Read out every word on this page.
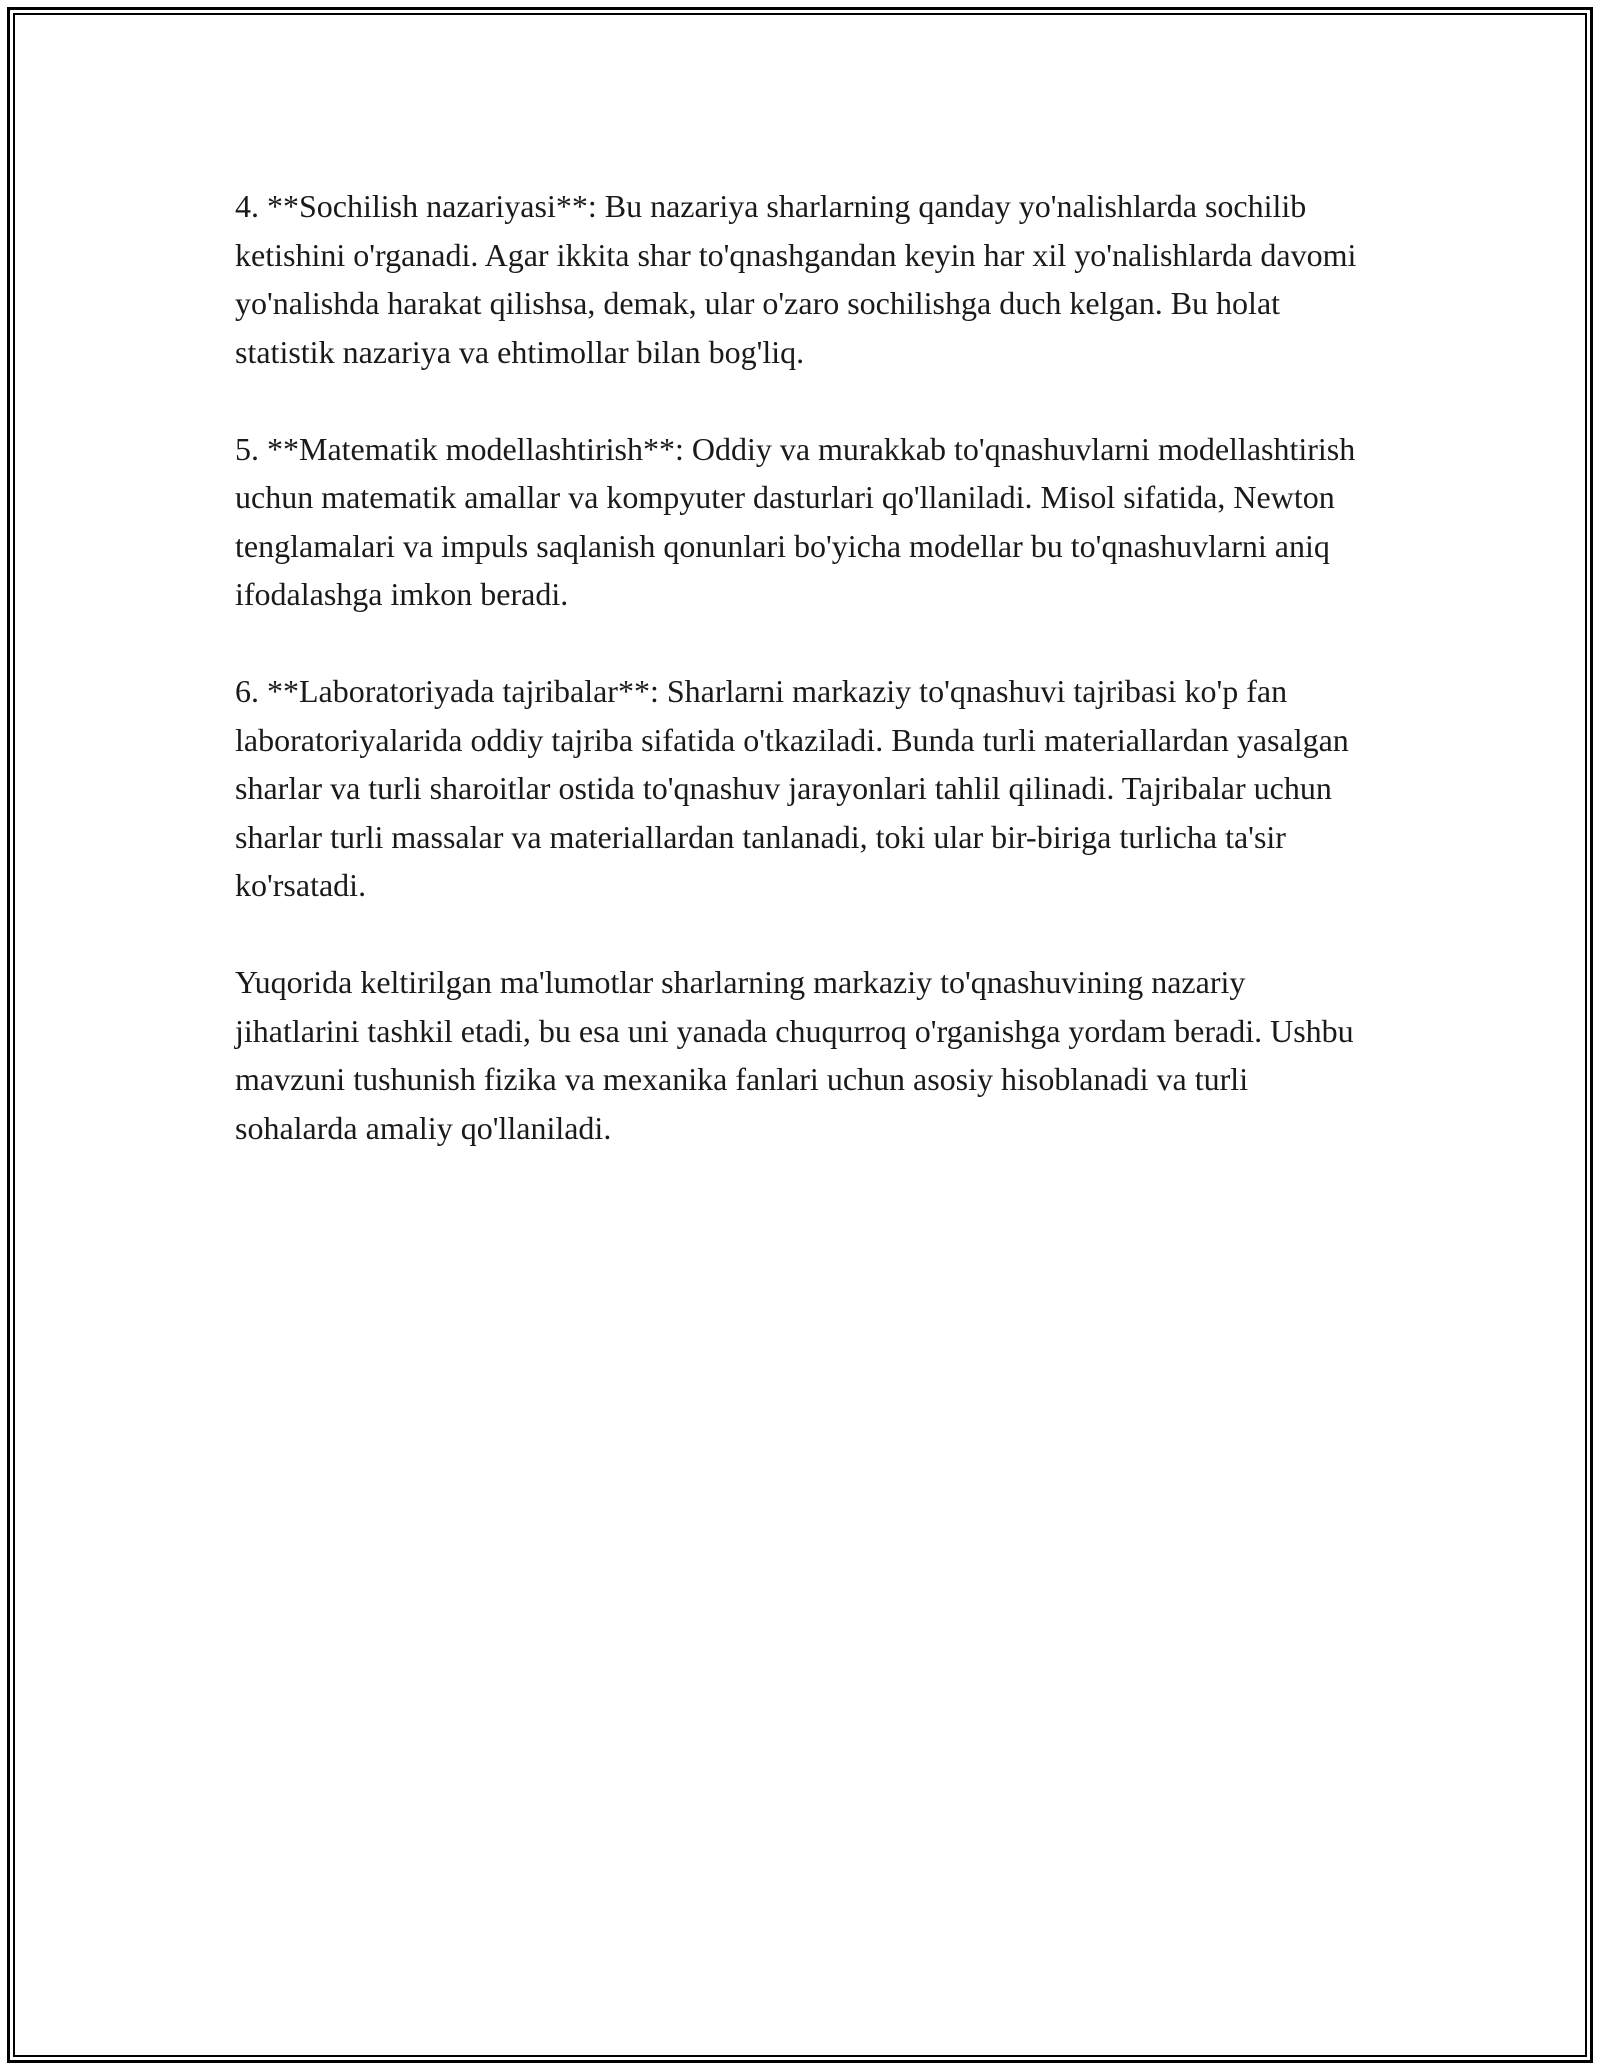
4. **Sochilish nazariyasi**: Bu nazariya sharlarning qanday yo'nalishlarda sochilib ketishini o'rganadi. Agar ikkita shar to'qnashgandan keyin har xil yo'nalishlarda davomi yo'nalishda harakat qilishsa, demak, ular o'zaro sochilishga duch kelgan. Bu holat statistik nazariya va ehtimollar bilan bog'liq.

5. **Matematik modellashtirish**: Oddiy va murakkab to'qnashuvlarni modellashtirish uchun matematik amallar va kompyuter dasturlari qo'llaniladi. Misol sifatida, Newton tenglamalari va impuls saqlanish qonunlari bo'yicha modellar bu to'qnashuvlarni aniq ifodalashga imkon beradi.

6. **Laboratoriyada tajribalar**: Sharlarni markaziy to'qnashuvi tajribasi ko'p fan laboratoriyalarida oddiy tajriba sifatida o'tkaziladi. Bunda turli materiallardan yasalgan sharlar va turli sharoitlar ostida to'qnashuv jarayonlari tahlil qilinadi. Tajribalar uchun sharlar turli massalar va materiallardan tanlanadi, toki ular bir-biriga turlicha ta'sir ko'rsatadi.

Yuqorida keltirilgan ma'lumotlar sharlarning markaziy to'qnashuvining nazariy jihatlarini tashkil etadi, bu esa uni yanada chuqurroq o'rganishga yordam beradi. Ushbu mavzuni tushunish fizika va mexanika fanlari uchun asosiy hisoblanadi va turli sohalarda amaliy qo'llaniladi.
